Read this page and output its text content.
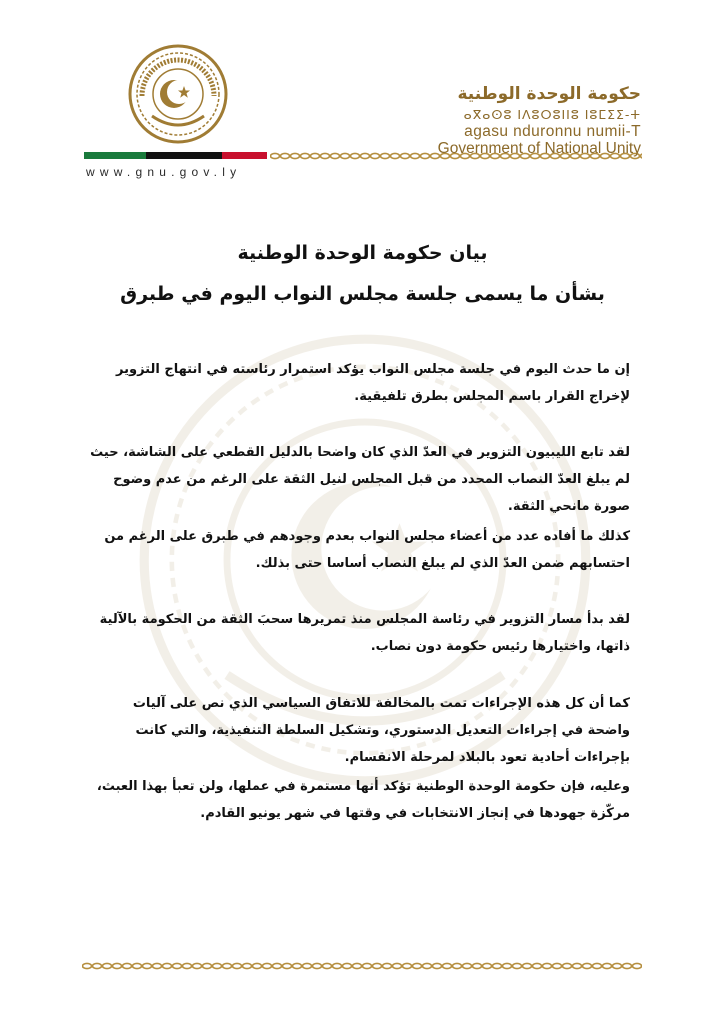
www.gnu.gov.ly
حكومة الوحدة الوطنية
ⴰⴳⴰⵙⵓ ⵏⴷⵓⵔⵓⵏⵏⵓ ⵏⵓⵎⵉⵉ-ⵜ
agasu nduronnu numii-T
Government of National Unity
بيان حكومة الوحدة الوطنية
بشأن ما يسمى جلسة مجلس النواب اليوم في طبرق
إن ما حدث اليوم في جلسة مجلس النواب يؤكد استمرار رئاسته في انتهاج التزوير لإخراج القرار باسم المجلس بطرق تلفيقية.
لقد تابع الليبيون التزوير في العدّ الذي كان واضحا بالدليل القطعي على الشاشة، حيث لم يبلغ العدّ النصاب المحدد من قبل المجلس لنيل الثقة على الرغم من عدم وضوح صورة مانحي الثقة.
كذلك ما أفاده عدد من أعضاء مجلس النواب بعدم وجودهم في طبرق على الرغم من احتسابهم ضمن العدّ الذي لم يبلغ النصاب أساسا حتى بذلك.
لقد بدأ مسار التزوير في رئاسة المجلس منذ تمريرها سحبَ الثقة من الحكومة بالآلية ذاتها، واختيارها رئيس حكومة دون نصاب.
كما أن كل هذه الإجراءات تمت بالمخالفة للاتفاق السياسي الذي نص على آليات واضحة في إجراءات التعديل الدستوري، وتشكيل السلطة التنفيذية، والتي كانت بإجراءات أحادية تعود بالبلاد لمرحلة الانقسام.
وعليه، فإن حكومة الوحدة الوطنية تؤكد أنها مستمرة في عملها، ولن تعبأ بهذا العبث، مركّزة جهودها في إنجاز الانتخابات في وقتها في شهر يونيو القادم.
